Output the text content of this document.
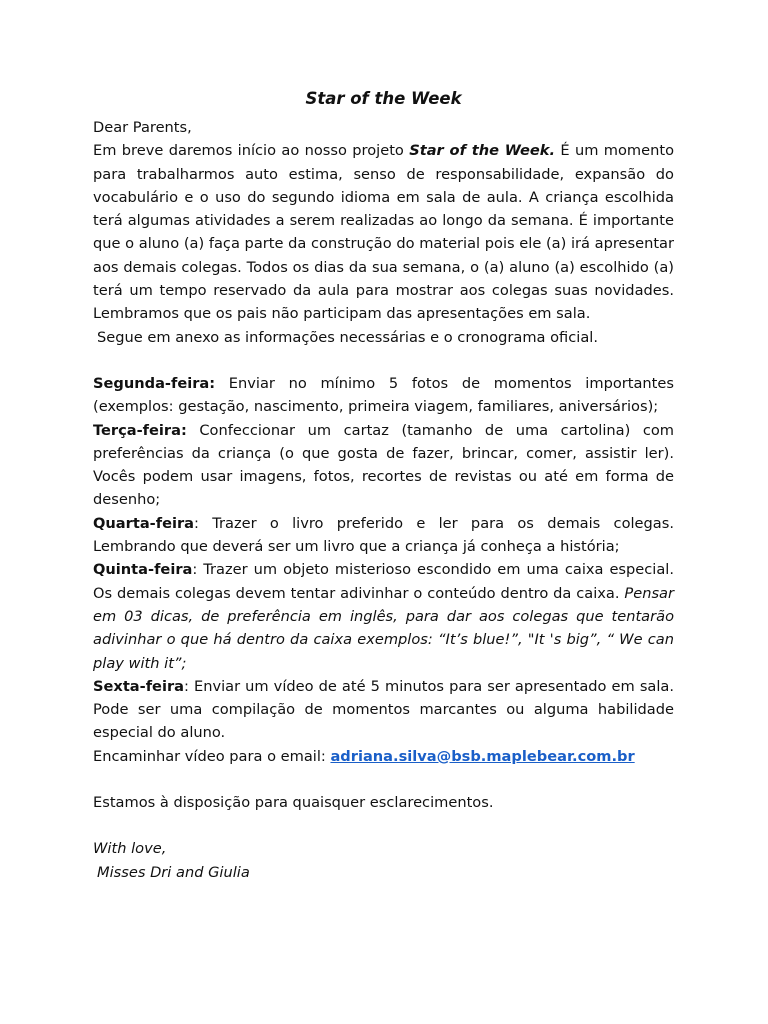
Star of the Week

Dear Parents,

Em breve daremos início ao nosso projeto Star of the Week. É um momento para trabalharmos auto estima, senso de responsabilidade, expansão do vocabulário e o uso do segundo idioma em sala de aula. A criança escolhida terá algumas atividades a serem realizadas ao longo da semana. É importante que o aluno (a) faça parte da construção do material pois ele (a) irá apresentar aos demais colegas. Todos os dias da sua semana, o (a) aluno (a) escolhido (a) terá um tempo reservado da aula para mostrar aos colegas suas novidades. Lembramos que os pais não participam das apresentações em sala.

Segue em anexo as informações necessárias e o cronograma oficial.

Segunda-feira: Enviar no mínimo 5 fotos de momentos importantes (exemplos: gestação, nascimento, primeira viagem, familiares, aniversários);

Terça-feira: Confeccionar um cartaz (tamanho de uma cartolina) com preferências da criança (o que gosta de fazer, brincar, comer, assistir ler). Vocês podem usar imagens, fotos, recortes de revistas ou até em forma de desenho;

Quarta-feira: Trazer o livro preferido e ler para os demais colegas. Lembrando que deverá ser um livro que a criança já conheça a história;

Quinta-feira: Trazer um objeto misterioso escondido em uma caixa especial. Os demais colegas devem tentar adivinhar o conteúdo dentro da caixa. Pensar em 03 dicas, de preferência em inglês, para dar aos colegas que tentarão adivinhar o que há dentro da caixa exemplos: “It’s blue!”, "It 's big”, “ We can play with it”;

Sexta-feira: Enviar um vídeo de até 5 minutos para ser apresentado em sala. Pode ser uma compilação de momentos marcantes ou alguma habilidade especial do aluno.

Encaminhar vídeo para o email: adriana.silva@bsb.maplebear.com.br

Estamos à disposição para quaisquer esclarecimentos.

With love,

Misses Dri and Giulia
